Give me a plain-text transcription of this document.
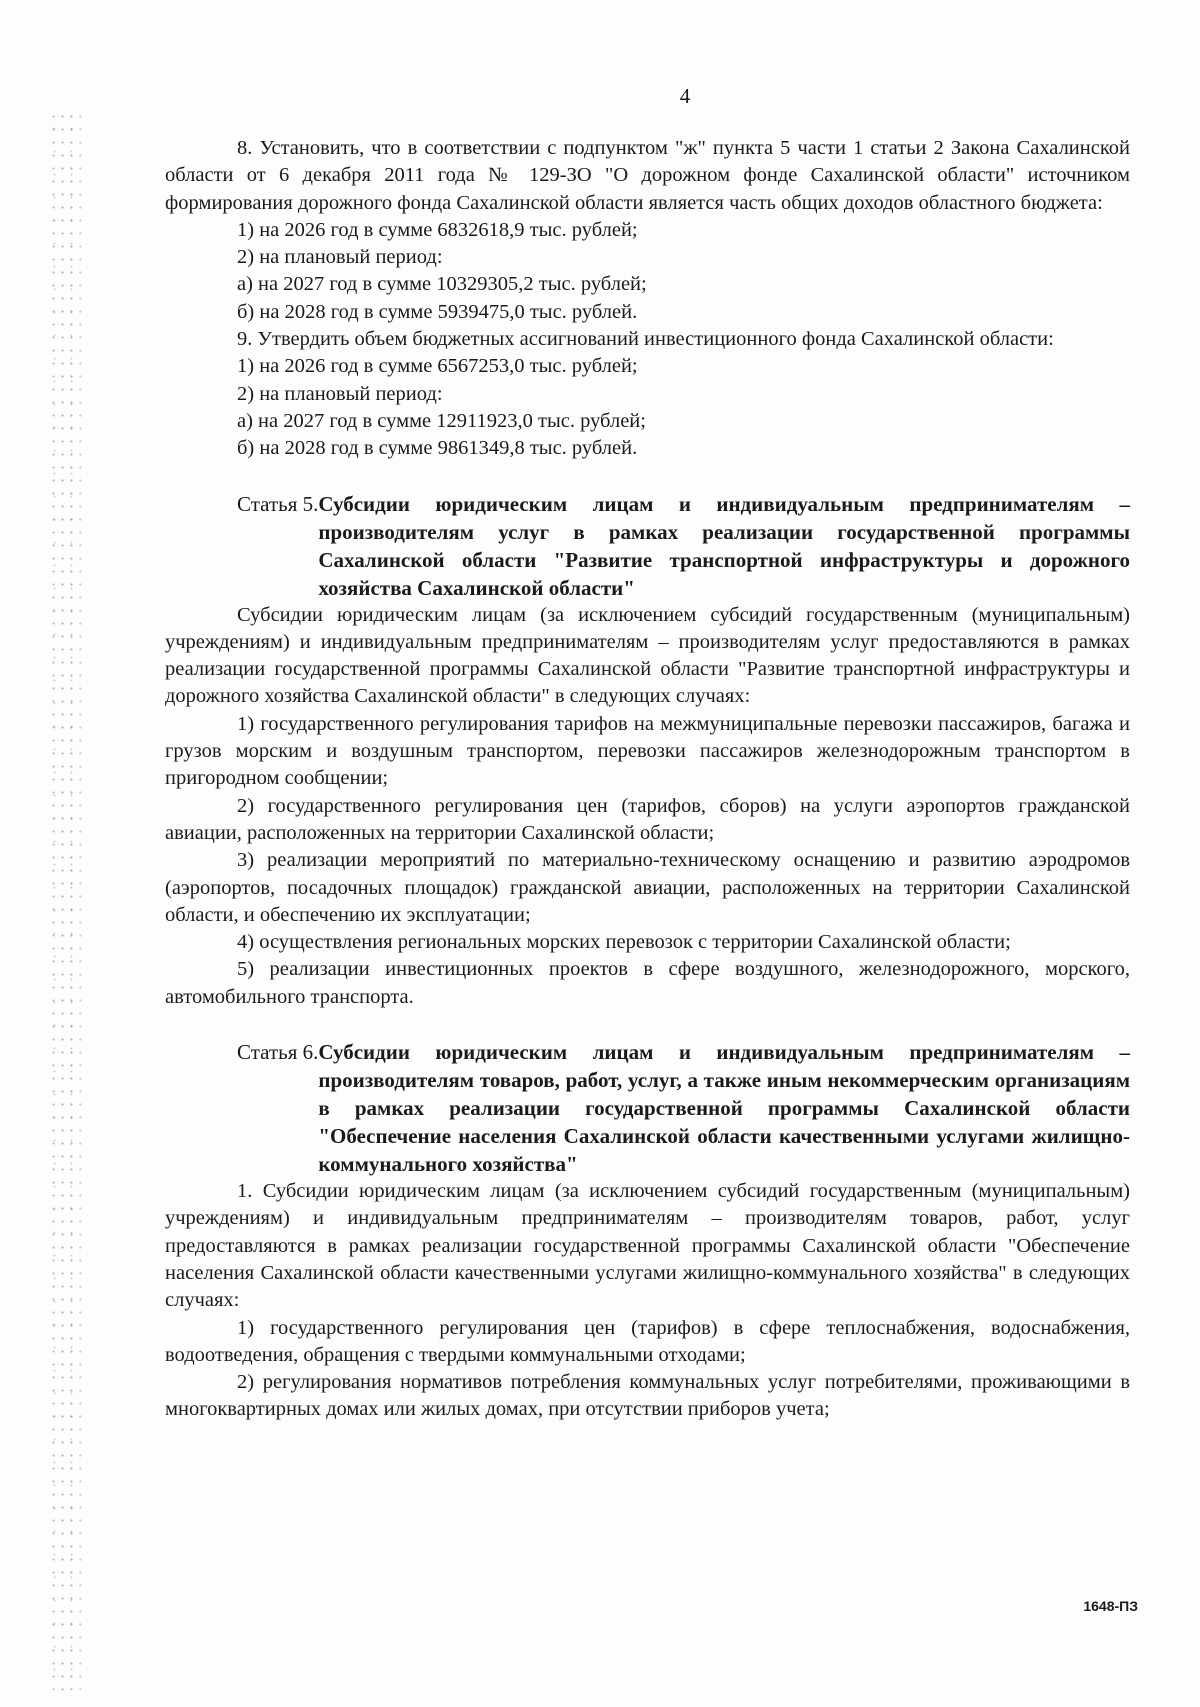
4

8. Установить, что в соответствии с подпунктом "ж" пункта 5 части 1 статьи 2 Закона Сахалинской области от 6 декабря 2011 года № 129-ЗО "О дорожном фонде Сахалинской области" источником формирования дорожного фонда Сахалинской области является часть общих доходов областного бюджета:

1) на 2026 год в сумме 6832618,9 тыс. рублей;

2) на плановый период:

а) на 2027 год в сумме 10329305,2 тыс. рублей;

б) на 2028 год в сумме 5939475,0 тыс. рублей.

9. Утвердить объем бюджетных ассигнований инвестиционного фонда Сахалинской области:

1) на 2026 год в сумме 6567253,0 тыс. рублей;

2) на плановый период:

а) на 2027 год в сумме 12911923,0 тыс. рублей;

б) на 2028 год в сумме 9861349,8 тыс. рублей.

Статья 5. Субсидии юридическим лицам и индивидуальным предпринимателям – производителям услуг в рамках реализации государственной программы Сахалинской области "Развитие транспортной инфраструктуры и дорожного хозяйства Сахалинской области"

Субсидии юридическим лицам (за исключением субсидий государственным (муниципальным) учреждениям) и индивидуальным предпринимателям – производителям услуг предоставляются в рамках реализации государственной программы Сахалинской области "Развитие транспортной инфраструктуры и дорожного хозяйства Сахалинской области" в следующих случаях:

1) государственного регулирования тарифов на межмуниципальные перевозки пассажиров, багажа и грузов морским и воздушным транспортом, перевозки пассажиров железнодорожным транспортом в пригородном сообщении;

2) государственного регулирования цен (тарифов, сборов) на услуги аэропортов гражданской авиации, расположенных на территории Сахалинской области;

3) реализации мероприятий по материально-техническому оснащению и развитию аэродромов (аэропортов, посадочных площадок) гражданской авиации, расположенных на территории Сахалинской области, и обеспечению их эксплуатации;

4) осуществления региональных морских перевозок с территории Сахалинской области;

5) реализации инвестиционных проектов в сфере воздушного, железнодорожного, морского, автомобильного транспорта.

Статья 6. Субсидии юридическим лицам и индивидуальным предпринимателям – производителям товаров, работ, услуг, а также иным некоммерческим организациям в рамках реализации государственной программы Сахалинской области "Обеспечение населения Сахалинской области качественными услугами жилищно-коммунального хозяйства"

1. Субсидии юридическим лицам (за исключением субсидий государственным (муниципальным) учреждениям) и индивидуальным предпринимателям – производителям товаров, работ, услуг предоставляются в рамках реализации государственной программы Сахалинской области "Обеспечение населения Сахалинской области качественными услугами жилищно-коммунального хозяйства" в следующих случаях:

1) государственного регулирования цен (тарифов) в сфере теплоснабжения, водоснабжения, водоотведения, обращения с твердыми коммунальными отходами;

2) регулирования нормативов потребления коммунальных услуг потребителями, проживающими в многоквартирных домах или жилых домах, при отсутствии приборов учета;

1648-ПЗ
